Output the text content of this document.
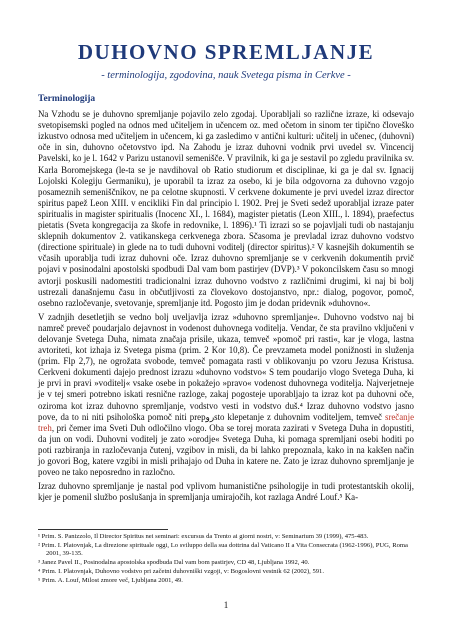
DUHOVNO SPREMLJANJE
- terminologija, zgodovina, nauk Svetega pisma in Cerkve -
Terminologija

Na Vzhodu se je duhovno spremljanje pojavilo zelo zgodaj. Uporabljali so različne izraze, ki odsevajo svetopisemski pogled na odnos med učiteljem in učencem oz. med očetom in sinom ter tipično človeško izkustvo odnosa med učiteljem in učencem, ki ga zasledimo v antični kulturi: učitelj in učenec, (duhovni) oče in sin, duhovno očetovstvo ipd. Na Zahodu je izraz duhovni vodnik prvi uvedel sv. Vincencij Pavelski, ko je l. 1642 v Parizu ustanovil semenišče. V pravilnik, ki ga je sestavil po zgledu pravilnika sv. Karla Boromejskega (le-ta se je navdihoval ob Ratio studiorum et disciplinae, ki ga je dal sv. Ignacij Lojolski Kolegiju Germaniku), je uporabil ta izraz za osebo, ki je bila odgovorna za duhovno vzgojo posameznih semeniščnikov, ne pa celotne skupnosti. V cerkvene dokumente je prvi uvedel izraz director spiritus papež Leon XIII. v encikliki Fin dal principio l. 1902. Prej je Sveti sedež uporabljal izraze pater spiritualis in magister spiritualis (Inocenc XI., l. 1684), magister pietatis (Leon XIII., l. 1894), praefectus pietatis (Sveta kongregacija za škofe in redovnike, l. 1896).¹ Ti izrazi so se pojavljali tudi ob nastajanju sklepnih dokumentov 2. vatikanskega cerkvenega zbora. Sčasoma je prevladal izraz duhovno vodstvo (directione spirituale) in glede na to tudi duhovni voditelj (director spiritus).² V kasnejših dokumentih se včasih uporablja tudi izraz duhovni oče. Izraz duhovno spremljanje se v cerkvenih dokumentih prvič pojavi v posinodalni apostolski spodbudi Dal vam bom pastirjev (DVP).³ V pokoncilskem času so mnogi avtorji poskusili nadomestiti tradicionalni izraz duhovno vodstvo z različnimi drugimi, ki naj bi bolj ustrezali današnjemu času in občutljivosti za človekovo dostojanstvo, npr.: dialog, pogovor, pomoč, osebno razločevanje, svetovanje, spremljanje itd. Pogosto jim je dodan pridevnik »duhovno«.

V zadnjih desetletjih se vedno bolj uveljavlja izraz »duhovno spremljanje«. Duhovno vodstvo naj bi namreč preveč poudarjalo dejavnost in vodenost duhovnega voditelja. Vendar, če sta pravilno vključeni v delovanje Svetega Duha, nimata značaja prisile, ukaza, temveč »pomoč pri rasti«, kar je vloga, lastna avtoriteti, kot izhaja iz Svetega pisma (prim. 2 Kor 10,8). Če prevzameta model ponižnosti in služenja (prim. Flp 2,7), ne ogrožata svobode, temveč pomagata rasti v oblikovanju po vzoru Jezusa Kristusa. Cerkveni dokumenti dajejo prednost izrazu »duhovno vodstvo« S tem poudarijo vlogo Svetega Duha, ki je prvi in pravi »voditelj« vsake osebe in pokažejo »pravo« vodenost duhovnega voditelja. Najverjetneje je v tej smeri potrebno iskati resnične razloge, zakaj pogosteje uporabljajo ta izraz kot pa duhovni oče, oziroma kot izraz duhovno spremljanje, vodstvo vesti in vodstvo duš.⁴ Izraz duhovno vodstvo jasno pove, da to ni niti psihološka pomoč niti prepروsto klepetanje z duhovnim voditeljem, temveč srečanje treh, pri čemer ima Sveti Duh odločilno vlogo. Oba se torej morata zazirati v Svetega Duha in dopustiti, da jun on vodi. Duhovni voditelj je zato »orodje« Svetega Duha, ki pomaga spremljani osebi hoditi po poti razbiranja in razločevanja čutenj, vzgibov in misli, da bi lahko prepoznala, kako in na kakšen način jo govori Bog, katere vzgibi in misli prihajajo od Duha in katere ne. Zato je izraz duhovno spremljanje je poveo ne tako neposredno in razločno.

Izraz duhovno spremljanje je nastal pod vplivom humanistične psihologije in tudi protestantskih okolij, kjer je pomenil službo poslušanja in spremljanja umirajočih, kot razlaga André Louf.⁵ Ka-

¹ Prim. S. Panizzolo, Il Director Spiritus nei seminari: excursus da Trento ai giorni nostri, v: Seminarium 39 (1999), 475-483.
² Prim. I. Platovnjak, La direzione spirituale oggi, Lo sviluppo della sua dottrina dal Vaticano II a Vita Consecrata (1962-1996), PUG, Roma 2001, 39-135.
³ Janez Pavel II., Posinodalna apostolska spodbuda Dal vam bom pastirjev, CD 48, Ljubljana 1992, 40.
⁴ Prim. I. Platovnjak, Duhovno vodstvo pri začetni duhovniški vzgoji, v: Bogoslovni vestnik 62 (2002), 591.
⁵ Prim. A. Louf, Milost zmore več, Ljubljana 2001, 49.
1
